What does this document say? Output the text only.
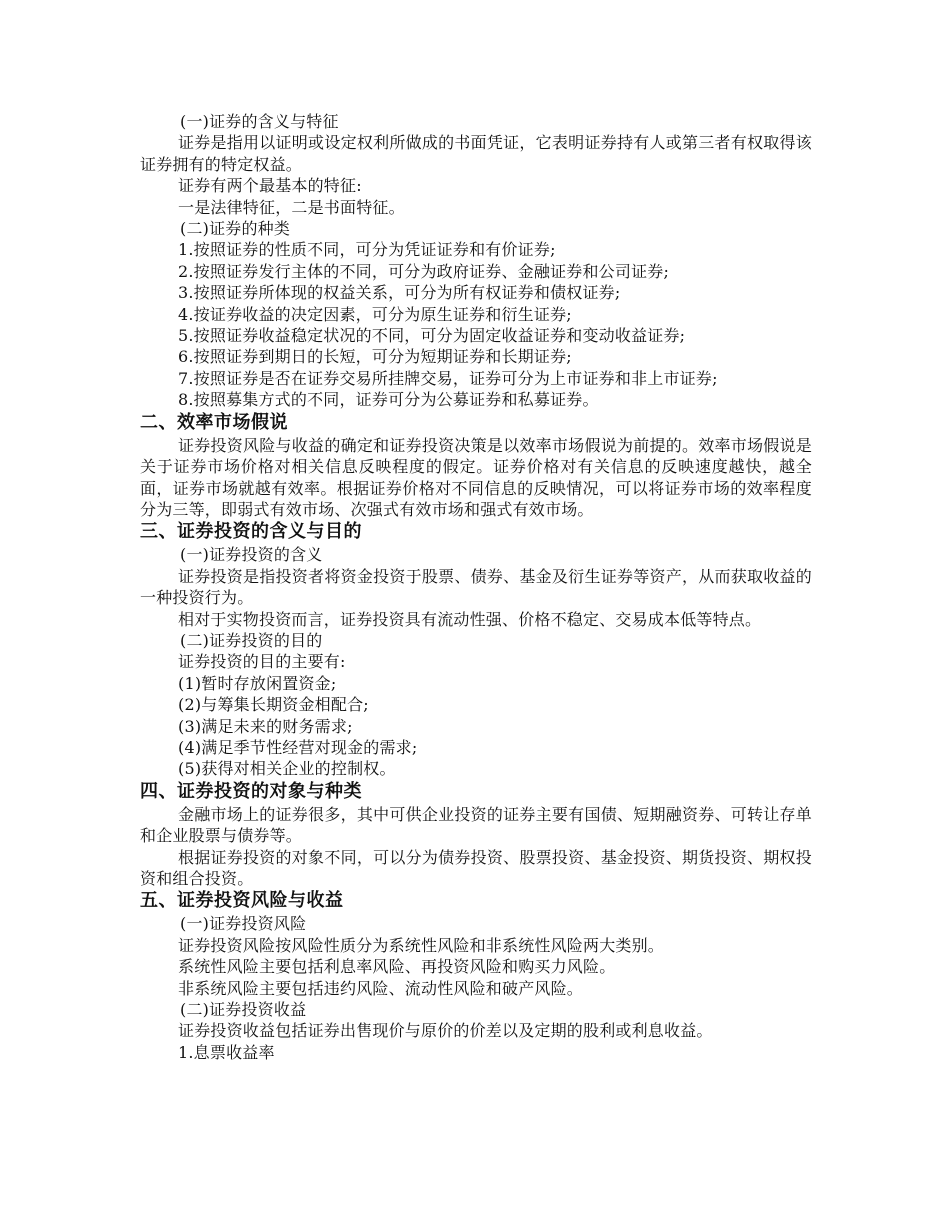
(一)证券的含义与特征
证券是指用以证明或设定权利所做成的书面凭证，它表明证券持有人或第三者有权取得该证券拥有的特定权益。
证券有两个最基本的特征:
一是法律特征，二是书面特征。
(二)证券的种类
1.按照证券的性质不同，可分为凭证证券和有价证券;
2.按照证券发行主体的不同，可分为政府证券、金融证券和公司证券;
3.按照证券所体现的权益关系，可分为所有权证券和债权证券;
4.按证券收益的决定因素，可分为原生证券和衍生证券;
5.按照证券收益稳定状况的不同，可分为固定收益证券和变动收益证券;
6.按照证券到期日的长短，可分为短期证券和长期证券;
7.按照证券是否在证券交易所挂牌交易，证券可分为上市证券和非上市证券;
8.按照募集方式的不同，证券可分为公募证券和私募证券。
二、效率市场假说
证券投资风险与收益的确定和证券投资决策是以效率市场假说为前提的。效率市场假说是关于证券市场价格对相关信息反映程度的假定。证券价格对有关信息的反映速度越快，越全面，证券市场就越有效率。根据证券价格对不同信息的反映情况，可以将证券市场的效率程度分为三等，即弱式有效市场、次强式有效市场和强式有效市场。
三、证券投资的含义与目的
(一)证券投资的含义
证券投资是指投资者将资金投资于股票、债券、基金及衍生证券等资产，从而获取收益的一种投资行为。
相对于实物投资而言，证券投资具有流动性强、价格不稳定、交易成本低等特点。
(二)证券投资的目的
证券投资的目的主要有:
(1)暂时存放闲置资金;
(2)与筹集长期资金相配合;
(3)满足未来的财务需求;
(4)满足季节性经营对现金的需求;
(5)获得对相关企业的控制权。
四、证券投资的对象与种类
金融市场上的证券很多，其中可供企业投资的证券主要有国债、短期融资券、可转让存单和企业股票与债券等。
根据证券投资的对象不同，可以分为债券投资、股票投资、基金投资、期货投资、期权投资和组合投资。
五、证券投资风险与收益
(一)证券投资风险
证券投资风险按风险性质分为系统性风险和非系统性风险两大类别。
系统性风险主要包括利息率风险、再投资风险和购买力风险。
非系统风险主要包括违约风险、流动性风险和破产风险。
(二)证券投资收益
证券投资收益包括证券出售现价与原价的价差以及定期的股利或利息收益。
1.息票收益率
